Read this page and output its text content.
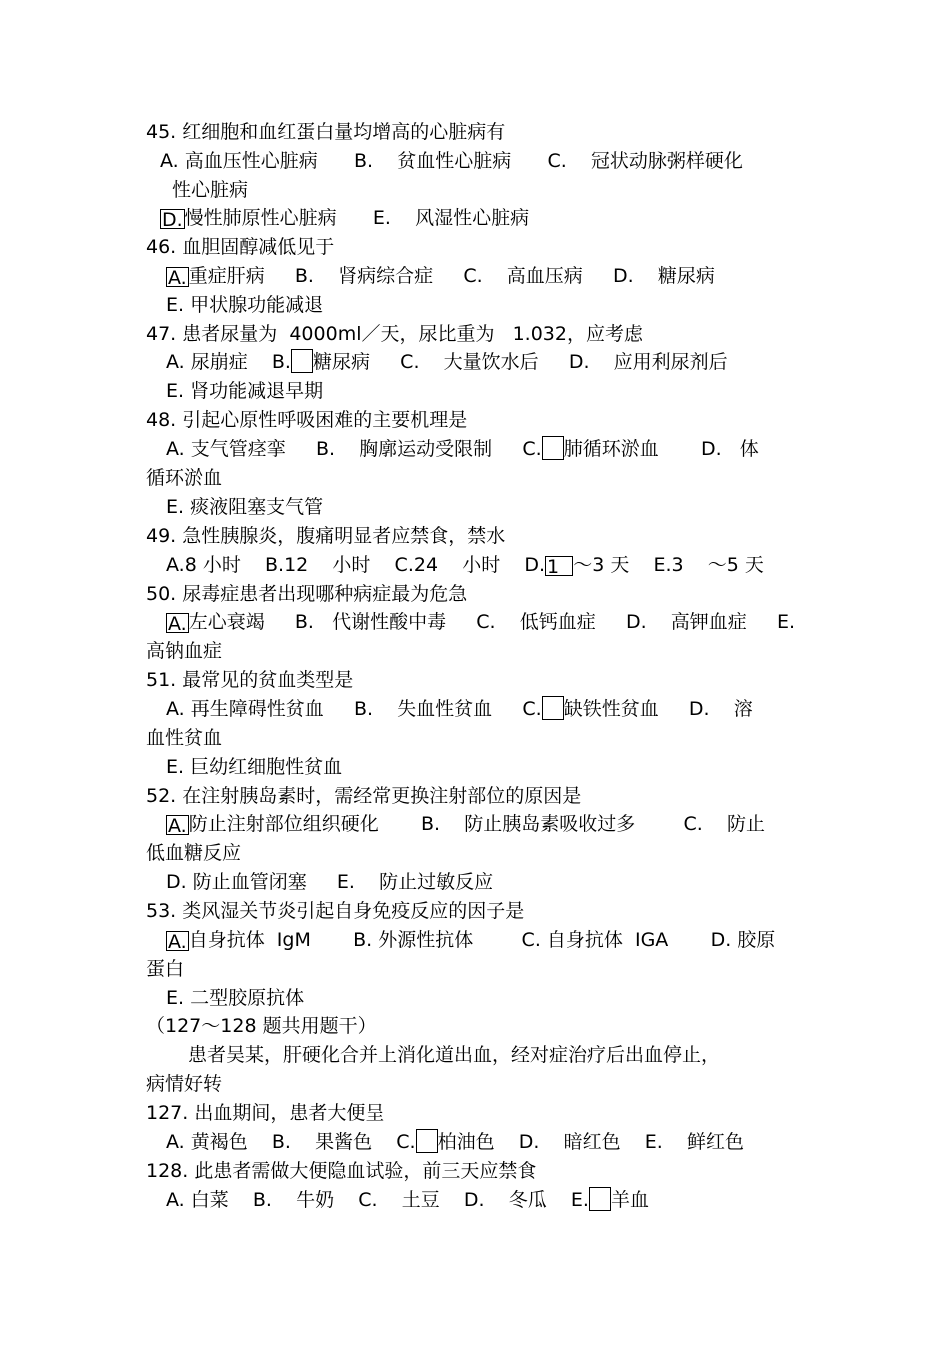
45. 红细胞和血红蛋白量均增高的心脏病有
A. 高血压性心脏病      B.    贫血性心脏病      C.    冠状动脉粥样硬化
性心脏病
D. 慢性肺原性心脏病      E.    风湿性心脏病
46. 血胆固醇减低见于
A. 重症肝病     B.    肾病综合症     C.    高血压病     D.    糖尿病
E. 甲状腺功能减退
47. 患者尿量为  4000ml／天，尿比重为   1.032，应考虑
A. 尿崩症    B. 糖尿病     C.    大量饮水后     D.    应用利尿剂后
E. 肾功能减退早期
48. 引起心原性呼吸困难的主要机理是
A. 支气管痉挛     B.    胸廓运动受限制     C. 肺循环淤血       D.   体
循环淤血
E. 痰液阻塞支气管
49. 急性胰腺炎，腹痛明显者应禁食，禁水
A.8 小时    B.12    小时    C.24    小时    D. 1  ～3 天    E.3    ～5 天
50. 尿毒症患者出现哪种病症最为危急
A. 左心衰竭     B.   代谢性酸中毒     C.    低钙血症     D.    高钾血症     E.
高钠血症
51. 最常见的贫血类型是
A. 再生障碍性贫血     B.    失血性贫血     C. 缺铁性贫血     D.    溶
血性贫血
E. 巨幼红细胞性贫血
52. 在注射胰岛素时，需经常更换注射部位的原因是
A. 防止注射部位组织硬化       B.    防止胰岛素吸收过多        C.    防止
低血糖反应
D. 防止血管闭塞     E.    防止过敏反应
53. 类风湿关节炎引起自身免疫反应的因子是
A. 自身抗体  IgM       B. 外源性抗体        C. 自身抗体  IGA       D. 胶原
蛋白
E. 二型胶原抗体
（127～128 题共用题干）
患者吴某，肝硬化合并上消化道出血，经对症治疗后出血停止，
病情好转
127. 出血期间，患者大便呈
A. 黄褐色    B.    果酱色    C. 柏油色    D.    暗红色    E.    鲜红色
128. 此患者需做大便隐血试验，前三天应禁食
A. 白菜    B.    牛奶    C.    土豆    D.    冬瓜    E. 羊血
